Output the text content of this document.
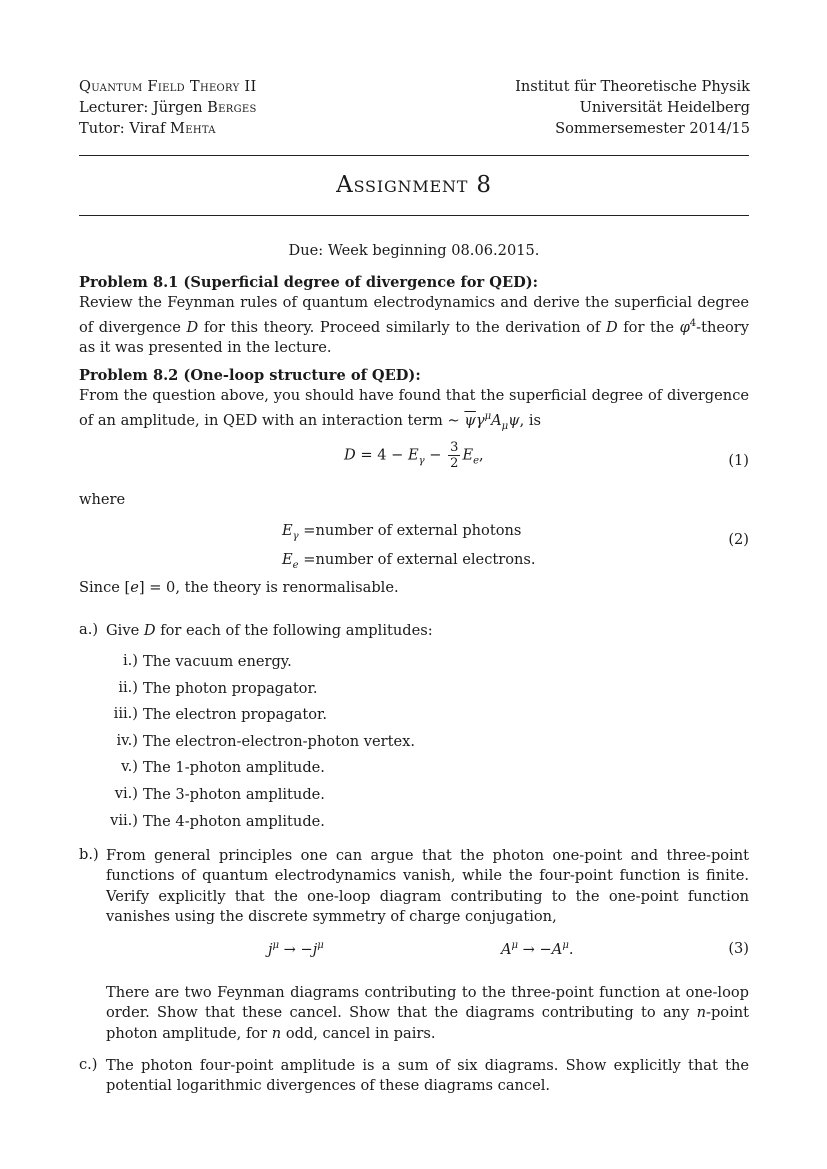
Quantum Field Theory II
Lecturer: Jürgen Berges
Tutor: Viraf Mehta
Institut für Theoretische Physik
Universität Heidelberg
Sommersemester 2014/15
Assignment 8
Due: Week beginning 08.06.2015.
Problem 8.1 (Superficial degree of divergence for QED):
Review the Feynman rules of quantum electrodynamics and derive the superficial degree of divergence D for this theory. Proceed similarly to the derivation of D for the $\varphi^4$-theory as it was presented in the lecture.
Problem 8.2 (One-loop structure of QED):
From the question above, you should have found that the superficial degree of divergence of an amplitude, in QED with an interaction term ∼ $\overline{\psi}\gamma^\mu A_\mu\psi$, is
$D = 4 - E_\gamma - \frac{3}{2} E_e$,	(1)
where
$E_\gamma$ =number of external photons
$E_e$ =number of external electrons.
(2)
Since [e] = 0, the theory is renormalisable.
a.) Give D for each of the following amplitudes:
i.) The vacuum energy.
ii.) The photon propagator.
iii.) The electron propagator.
iv.) The electron-electron-photon vertex.
v.) The 1-photon amplitude.
vi.) The 3-photon amplitude.
vii.) The 4-photon amplitude.
b.) From general principles one can argue that the photon one-point and three-point functions of quantum electrodynamics vanish, while the four-point function is finite. Verify explicitly that the one-loop diagram contributing to the one-point function vanishes using the discrete symmetry of charge conjugation,
$j^\mu \to -j^\mu$	$A^\mu \to -A^\mu$.	(3)
There are two Feynman diagrams contributing to the three-point function at one-loop order. Show that these cancel. Show that the diagrams contributing to any n-point photon amplitude, for n odd, cancel in pairs.
c.) The photon four-point amplitude is a sum of six diagrams. Show explicitly that the potential logarithmic divergences of these diagrams cancel.
